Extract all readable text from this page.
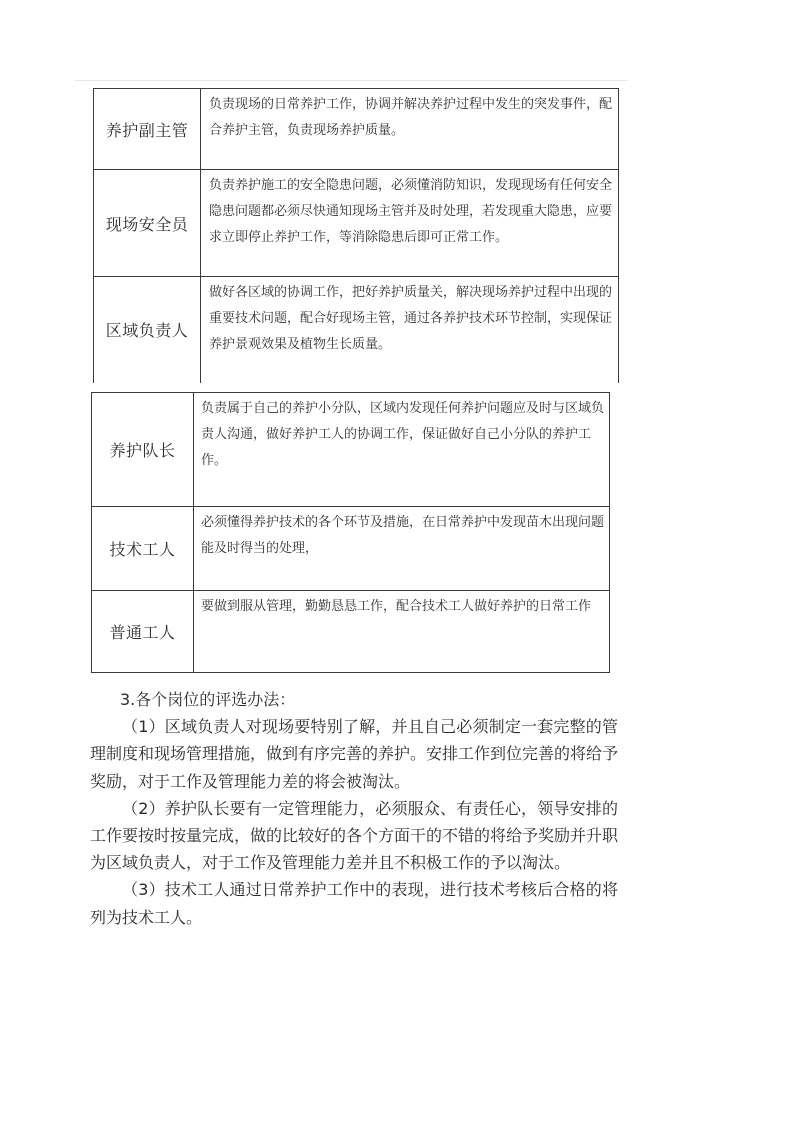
养护副主管	负责现场的日常养护工作，协调并解决养护过程中发生的突发事件，配合养护主管，负责现场养护质量。
现场安全员	负责养护施工的安全隐患问题，必须懂消防知识，发现现场有任何安全隐患问题都必须尽快通知现场主管并及时处理，若发现重大隐患，应要求立即停止养护工作，等消除隐患后即可正常工作。
区域负责人	做好各区域的协调工作，把好养护质量关，解决现场养护过程中出现的重要技术问题，配合好现场主管，通过各养护技术环节控制，实现保证养护景观效果及植物生长质量。
养护队长	负责属于自己的养护小分队，区域内发现任何养护问题应及时与区域负责人沟通，做好养护工人的协调工作，保证做好自己小分队的养护工作。
技术工人	必须懂得养护技术的各个环节及措施，在日常养护中发现苗木出现问题能及时得当的处理，
普通工人	要做到服从管理，勤勤恳恳工作，配合技术工人做好养护的日常工作

3.各个岗位的评选办法：

（1）区域负责人对现场要特别了解，并且自己必须制定一套完整的管理制度和现场管理措施，做到有序完善的养护。安排工作到位完善的将给予奖励，对于工作及管理能力差的将会被淘汰。

（2）养护队长要有一定管理能力，必须服众、有责任心，领导安排的工作要按时按量完成，做的比较好的各个方面干的不错的将给予奖励并升职为区域负责人，对于工作及管理能力差并且不积极工作的予以淘汰。

（3）技术工人通过日常养护工作中的表现，进行技术考核后合格的将列为技术工人。
